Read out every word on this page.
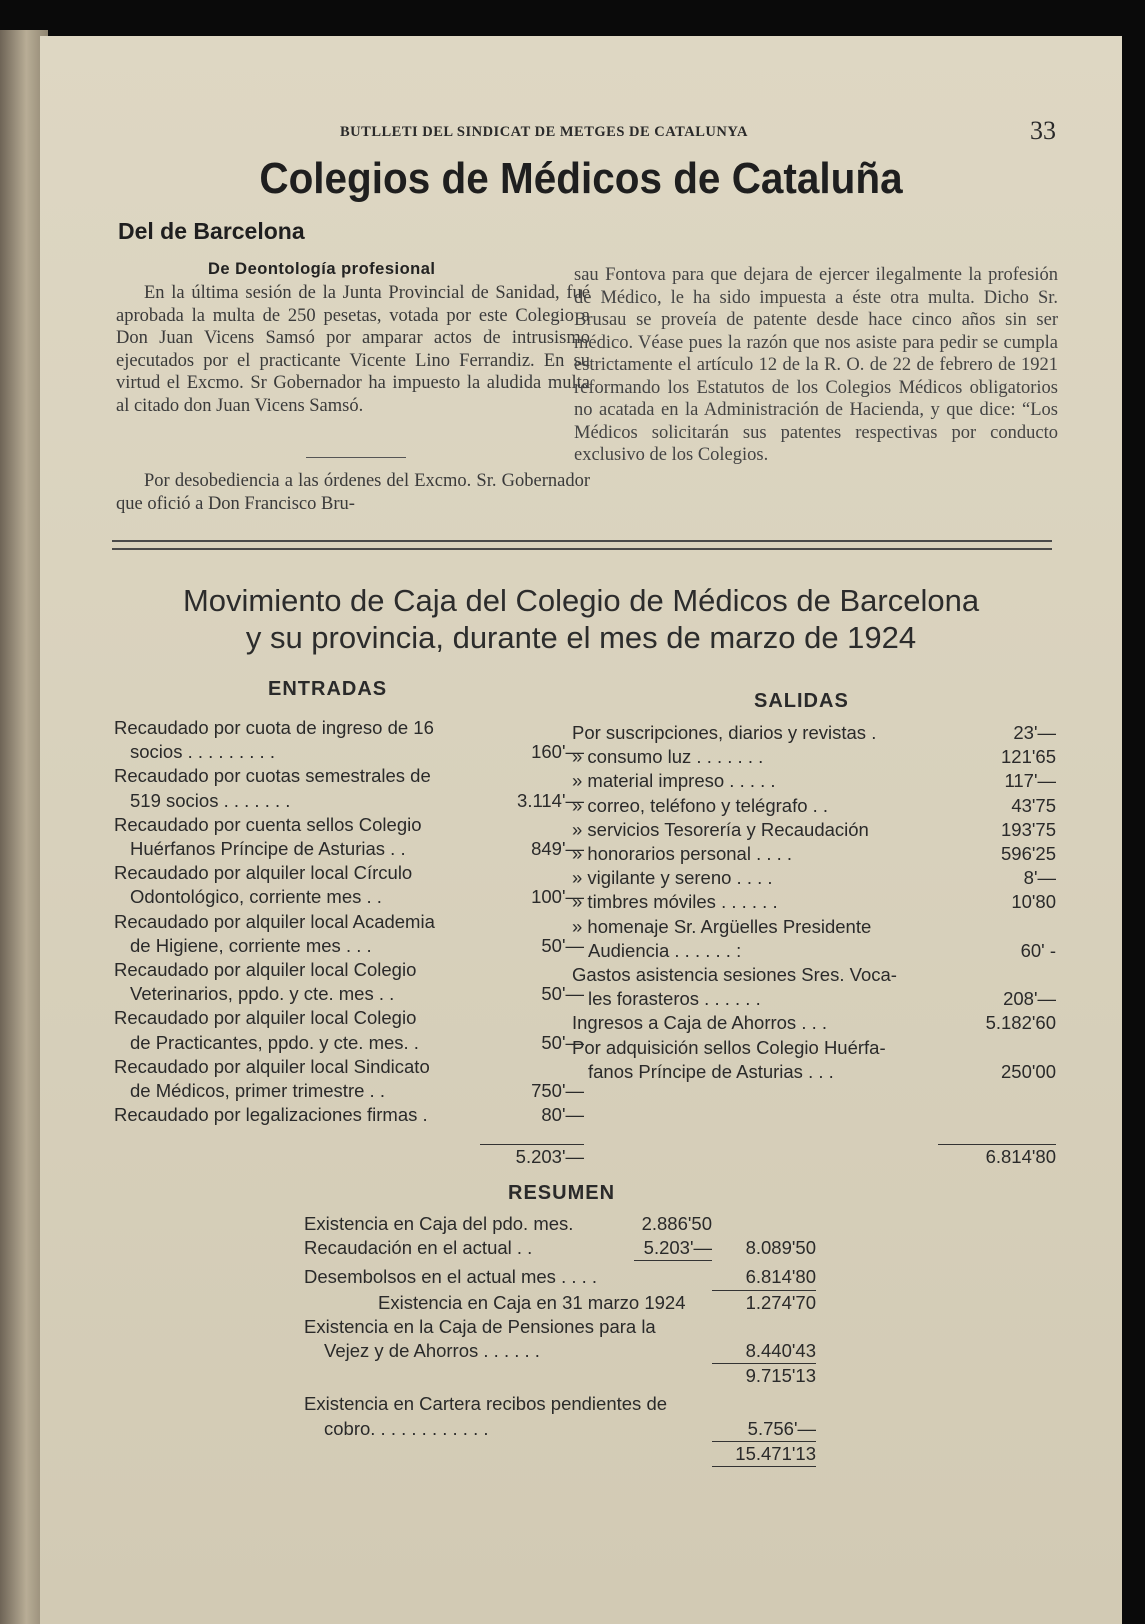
BUTLLETI DEL SINDICAT DE METGES DE CATALUNYA	33
Colegios de Médicos de Cataluña
Del de Barcelona
De Deontología profesional

En la última sesión de la Junta Provincial de Sanidad, fué aprobada la multa de 250 pesetas, votada por este Colegio a Don Juan Vicens Samsó por amparar actos de intrusismo ejecutados por el practicante Vicente Lino Ferrandiz. En su virtud el Excmo. Sr Gobernador ha impuesto la aludida multa al citado don Juan Vicens Samsó.

Por desobediencia a las órdenes del Excmo. Sr. Gobernador que ofició a Don Francisco Bru-

sau Fontova para que dejara de ejercer ilegalmente la profesión de Médico, le ha sido impuesta a éste otra multa. Dicho Sr. Brusau se proveía de patente desde hace cinco años sin ser médico. Véase pues la razón que nos asiste para pedir se cumpla estrictamente el artículo 12 de la R. O. de 22 de febrero de 1921 reformando los Estatutos de los Colegios Médicos obligatorios no acatada en la Administración de Hacienda, y que dice: “Los Médicos solicitarán sus patentes respectivas por conducto exclusivo de los Colegios.

Movimiento de Caja del Colegio de Médicos de Barcelona
y su provincia, durante el mes de marzo de 1924
ENTRADAS
SALIDAS
Recaudado por cuota de ingreso de 16
socios . . . . . . . . .	160'—
Recaudado por cuotas semestrales de
519 socios . . . . . . .	3.114'—
Recaudado por cuenta sellos Colegio
Huérfanos Príncipe de Asturias . .	849'—
Recaudado por alquiler local Círculo
Odontológico, corriente mes . .	100'—
Recaudado por alquiler local Academia
de Higiene, corriente mes . . .	50'—
Recaudado por alquiler local Colegio
Veterinarios, ppdo. y cte. mes . .	50'—
Recaudado por alquiler local Colegio
de Practicantes, ppdo. y cte. mes. .	50'—
Recaudado por alquiler local Sindicato
de Médicos, primer trimestre . .	750'—
Recaudado por legalizaciones firmas .	80'—
Por suscripciones, diarios y revistas .	23'—
» consumo luz . . . . . . .	121'65
» material impreso . . . . .	117'—
» correo, teléfono y telégrafo . .	43'75
» servicios Tesorería y Recaudación	193'75
» honorarios personal . . . .	596'25
» vigilante y sereno . . . .	8'—
» timbres móviles . . . . . .	10'80
» homenaje Sr. Argüelles Presidente
Audiencia . . . . . . :	60' -
Gastos asistencia sesiones Sres. Voca-
les forasteros . . . . . .	208'—
Ingresos a Caja de Ahorros . . .	5.182'60
Por adquisición sellos Colegio Huérfa-
fanos Príncipe de Asturias . . .	250'00
5.203'—	6.814'80
RESUMEN
Existencia en Caja del pdo. mes.	2.886'50
Recaudación en el actual . .	5.203'—	8.089'50
Desembolsos en el actual mes . . . .	6.814'80
Existencia en Caja en 31 marzo 1924	1.274'70
Existencia en la Caja de Pensiones para la
Vejez y de Ahorros . . . . . .	8.440'43
9.715'13
Existencia en Cartera recibos pendientes de
cobro. . . . . . . . . . . .	5.756'—
15.471'13
